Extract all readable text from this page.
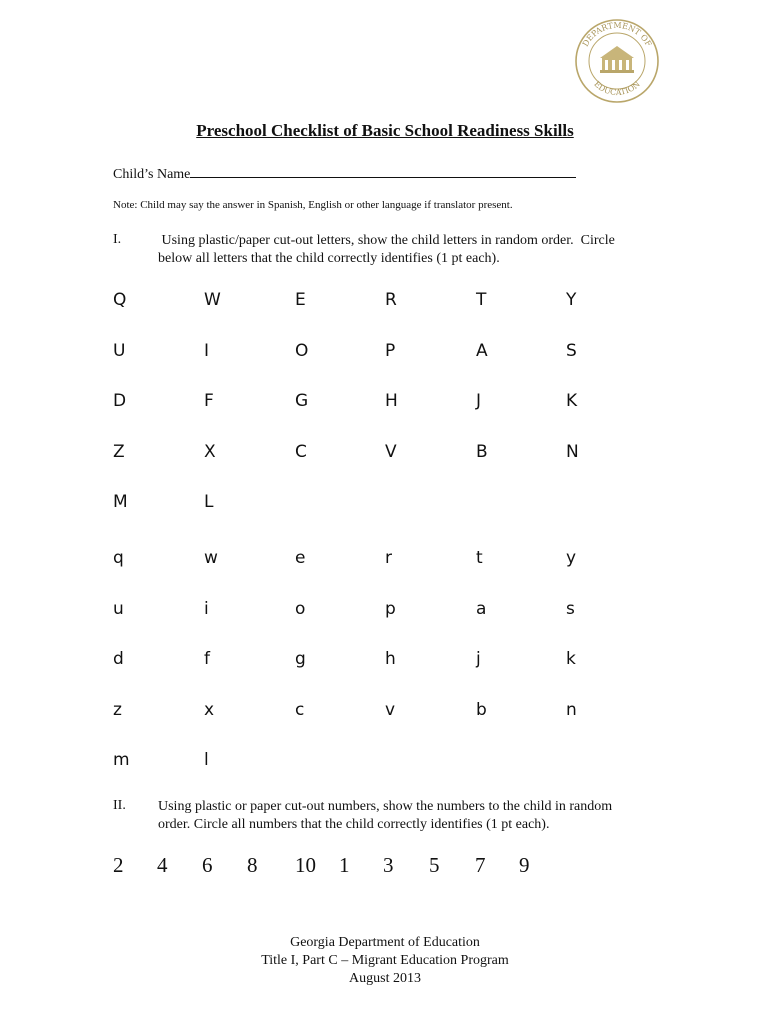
DEPARTMENT OF
EDUCATION
Preschool Checklist of Basic School Readiness Skills
Child’s Name
Note: Child may say the answer in Spanish, English or other language if translator present.
I.	Using plastic/paper cut-out letters, show the child letters in random order.  Circle
below all letters that the child correctly identifies (1 pt each).
Q	W	E	R	T	Y
U	I	O	P	A	S
D	F	G	H	J	K
Z	X	C	V	B	N
M	L
q	w	e	r	t	y
u	i	o	p	a	s
d	f	g	h	j	k
z	x	c	v	b	n
m	l
II. Using plastic or paper cut-out numbers, show the numbers to the child in random
order. Circle all numbers that the child correctly identifies (1 pt each).
2 4 6 8 10 1 3 5 7 9
Georgia Department of Education
Title I, Part C – Migrant Education Program
August 2013
